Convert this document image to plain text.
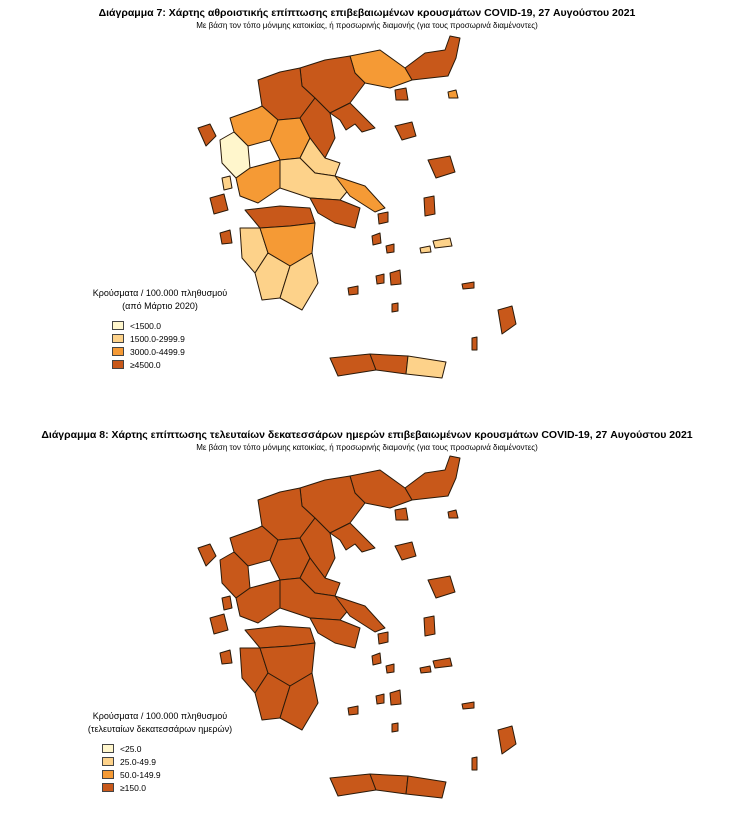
Διάγραμμα 7: Χάρτης αθροιστικής επίπτωσης επιβεβαιωμένων κρουσμάτων COVID-19, 27 Αυγούστου 2021
Με βάση τον τόπο μόνιμης κατοικίας, ή προσωρινής διαμονής (για τους προσωρινά διαμένοντες)
Κρούσματα / 100.000 πληθυσμού
(από Μάρτιο 2020)
<1500.0
1500.0-2999.9
3000.0-4499.9
≥4500.0
Διάγραμμα 8: Χάρτης επίπτωσης τελευταίων δεκατεσσάρων ημερών επιβεβαιωμένων κρουσμάτων COVID-19, 27 Αυγούστου 2021
Με βάση τον τόπο μόνιμης κατοικίας, ή προσωρινής διαμονής (για τους προσωρινά διαμένοντες)
Κρούσματα / 100.000 πληθυσμού
(τελευταίων δεκατεσσάρων ημερών)
<25.0
25.0-49.9
50.0-149.9
≥150.0
